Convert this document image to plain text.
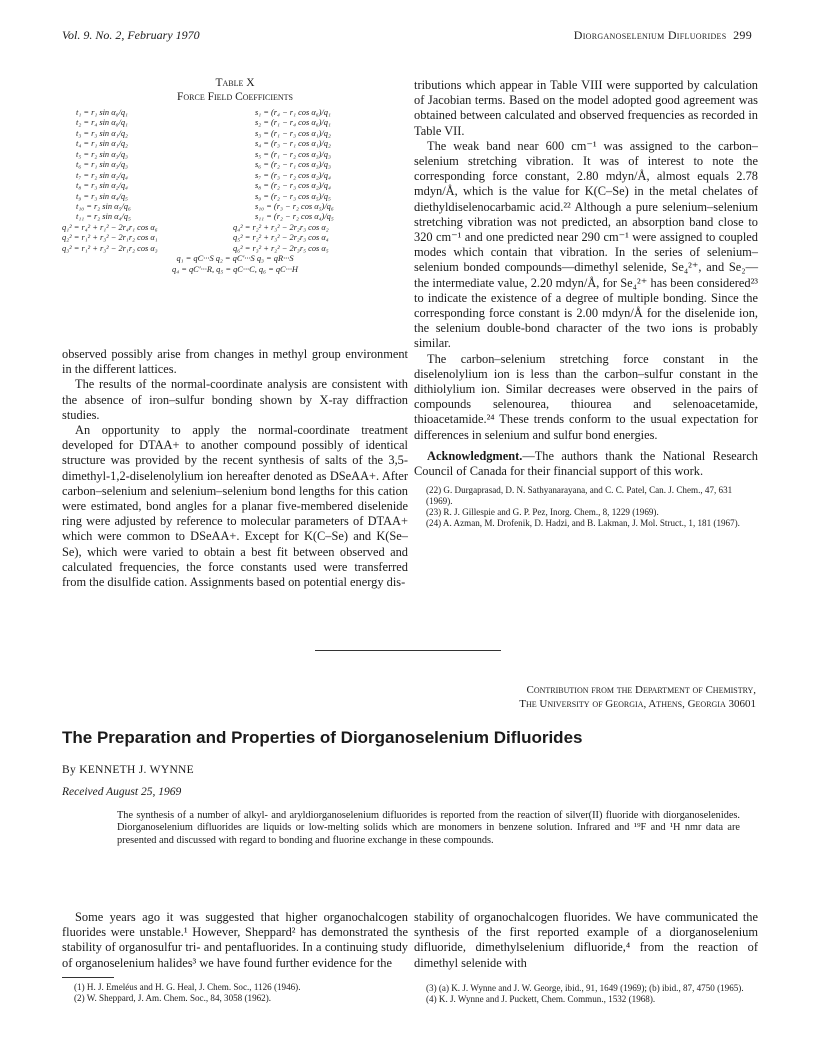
Vol. 9. No. 2, February 1970	Diorganoselenium Difluorides 299
Table X
Force Field Coefficients
t₁ = r₁ sin α₆/q₁	s₁ = (r₄ − r₁ cos α₆)/q₁
t₂ = r₄ sin α₆/q₁	s₂ = (r₁ − r₄ cos α₆)/q₁
t₃ = r₃ sin α₁/q₂	s₃ = (r₁ − r₃ cos α₁)/q₂
t₄ = r₁ sin α₁/q₂	s₄ = (r₃ − r₁ cos α₁)/q₂
t₅ = r₂ sin α₃/q₃	s₅ = (r₁ − r₂ cos α₃)/q₃
t₆ = r₁ sin α₃/q₃	s₆ = (r₂ − r₁ cos α₃)/q₃
t₇ = r₂ sin α₂/q₄	s₇ = (r₃ − r₂ cos α₂)/q₄
t₈ = r₃ sin α₂/q₄	s₈ = (r₂ − r₃ cos α₂)/q₄
t₉ = r₃ sin α₄/q₅	s₉ = (r₂ − r₃ cos α₅)/q₅
t₁₀ = r₂ sin α₅/q₆	s₁₀ = (r₃ − r₂ cos α₅)/q₆
t₁₁ = r₂ sin α₄/q₅	s₁₁ = (r₂ − r₂ cos α₄)/q₅
q₁² = r₄² + r₁² − 2r₄r₁ cos α₆	q₄² = r₂² + r₃² − 2r₂r₃ cos α₂
q₂² = r₁² + r₃² − 2r₁r₂ cos α₁	q₅² = r₂² + r₃² − 2r₂r₃ cos α₄
q₃² = r₁² + r₃² − 2r₁r₂ cos α₃	q₆² = r₃² + r₂² − 2r₃r₅ cos α₅
q₁ = qC···S q₂ = qC′···S q₃ = qR···S
q₄ = qC′···R, q₅ = qC···C, q₆ = qC···H

observed possibly arise from changes in methyl group environment in the different lattices.

The results of the normal-coordinate analysis are consistent with the absence of iron–sulfur bonding shown by X-ray diffraction studies.

An opportunity to apply the normal-coordinate treatment developed for DTAA+ to another compound possibly of identical structure was provided by the recent synthesis of salts of the 3,5-dimethyl-1,2-diselenolylium ion hereafter denoted as DSeAA+. After carbon–selenium and selenium–selenium bond lengths for this cation were estimated, bond angles for a planar five-membered diselenide ring were adjusted by reference to molecular parameters of DTAA+ which were common to DSeAA+. Except for K(C–Se) and K(Se–Se), which were varied to obtain a best fit between observed and calculated frequencies, the force constants used were transferred from the disulfide cation. Assignments based on potential energy dis-

tributions which appear in Table VIII were supported by calculation of Jacobian terms. Based on the model adopted good agreement was obtained between calculated and observed frequencies as recorded in Table VII.

The weak band near 600 cm⁻¹ was assigned to the carbon–selenium stretching vibration. It was of interest to note the corresponding force constant, 2.80 mdyn/Å, almost equals 2.78 mdyn/Å, which is the value for K(C–Se) in the metal chelates of diethyldiselenocarbamic acid.²² Although a pure selenium–selenium stretching vibration was not predicted, an absorption band close to 320 cm⁻¹ and one predicted near 290 cm⁻¹ were assigned to coupled modes which contain that vibration. In the series of selenium–selenium bonded compounds—dimethyl selenide, Se₄²⁺, and Se₂—the intermediate value, 2.20 mdyn/Å, for Se₄²⁺ has been considered²³ to indicate the existence of a degree of multiple bonding. Since the corresponding force constant is 2.00 mdyn/Å for the diselenide ion, the selenium double-bond character of the two ions is probably similar.

The carbon–selenium stretching force constant in the diselenolylium ion is less than the carbon–sulfur constant in the dithiolylium ion. Similar decreases were observed in the pairs of compounds selenourea, thiourea and selenoacetamide, thioacetamide.²⁴ These trends conform to the usual expectation for differences in selenium and sulfur bond energies.

Acknowledgment.—The authors thank the National Research Council of Canada for their financial support of this work.

(22) G. Durgaprasad, D. N. Sathyanarayana, and C. C. Patel, Can. J. Chem., 47, 631 (1969).

(23) R. J. Gillespie and G. P. Pez, Inorg. Chem., 8, 1229 (1969).

(24) A. Azman, M. Drofenik, D. Hadzi, and B. Lakman, J. Mol. Struct., 1, 181 (1967).

Contribution from the Department of Chemistry,
The University of Georgia, Athens, Georgia 30601
The Preparation and Properties of Diorganoselenium Difluorides
By KENNETH J. WYNNE
Received August 25, 1969
The synthesis of a number of alkyl- and aryldiorganoselenium difluorides is reported from the reaction of silver(II) fluoride with diorganoselenides. Diorganoselenium difluorides are liquids or low-melting solids which are monomers in benzene solution. Infrared and ¹⁹F and ¹H nmr data are presented and discussed with regard to bonding and fluorine exchange in these compounds.

Some years ago it was suggested that higher organochalcogen fluorides were unstable.¹ However, Sheppard² has demonstrated the stability of organosulfur tri- and pentafluorides. In a continuing study of organoselenium halides³ we have found further evidence for the

(1) H. J. Emeléus and H. G. Heal, J. Chem. Soc., 1126 (1946).

(2) W. Sheppard, J. Am. Chem. Soc., 84, 3058 (1962).

stability of organochalcogen fluorides. We have communicated the synthesis of the first reported example of a diorganoselenium difluoride, dimethylselenium difluoride,⁴ from the reaction of dimethyl selenide with

(3) (a) K. J. Wynne and J. W. George, ibid., 91, 1649 (1969); (b) ibid., 87, 4750 (1965).

(4) K. J. Wynne and J. Puckett, Chem. Commun., 1532 (1968).
